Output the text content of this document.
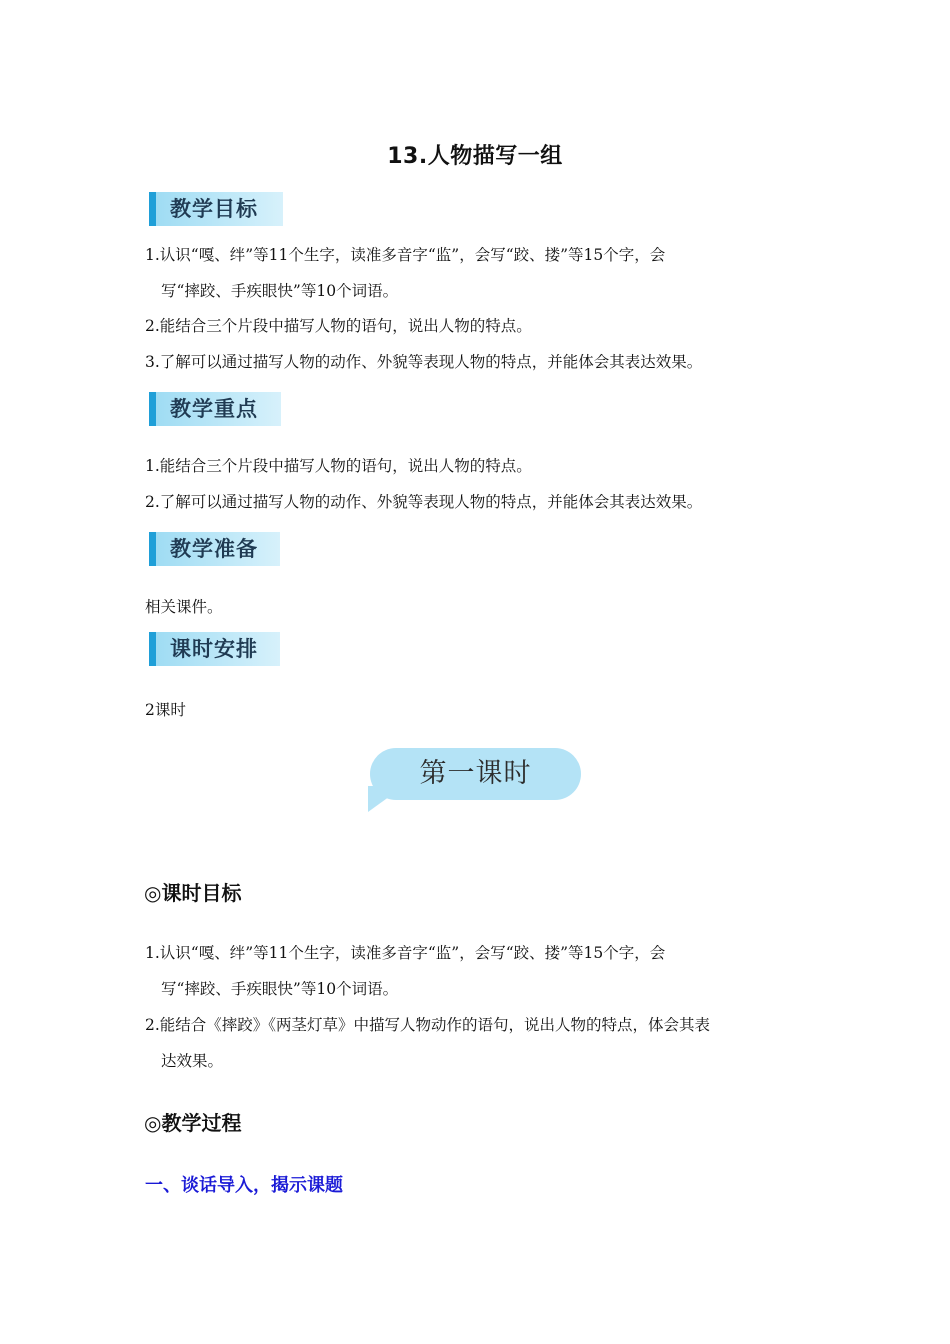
13.人物描写一组
教学目标
1.认识“嘎、绊”等11个生字，读准多音字“监”，会写“跤、搂”等15个字，会
写“摔跤、手疾眼快”等10个词语。
2.能结合三个片段中描写人物的语句，说出人物的特点。
3.了解可以通过描写人物的动作、外貌等表现人物的特点，并能体会其表达效果。
教学重点
1.能结合三个片段中描写人物的语句，说出人物的特点。
2.了解可以通过描写人物的动作、外貌等表现人物的特点，并能体会其表达效果。
教学准备
相关课件。
课时安排
2课时
第一课时
◎课时目标
1.认识“嘎、绊”等11个生字，读准多音字“监”，会写“跤、搂”等15个字，会
写“摔跤、手疾眼快”等10个词语。
2.能结合《摔跤》《两茎灯草》中描写人物动作的语句，说出人物的特点，体会其表
达效果。
◎教学过程
一、谈话导入，揭示课题
